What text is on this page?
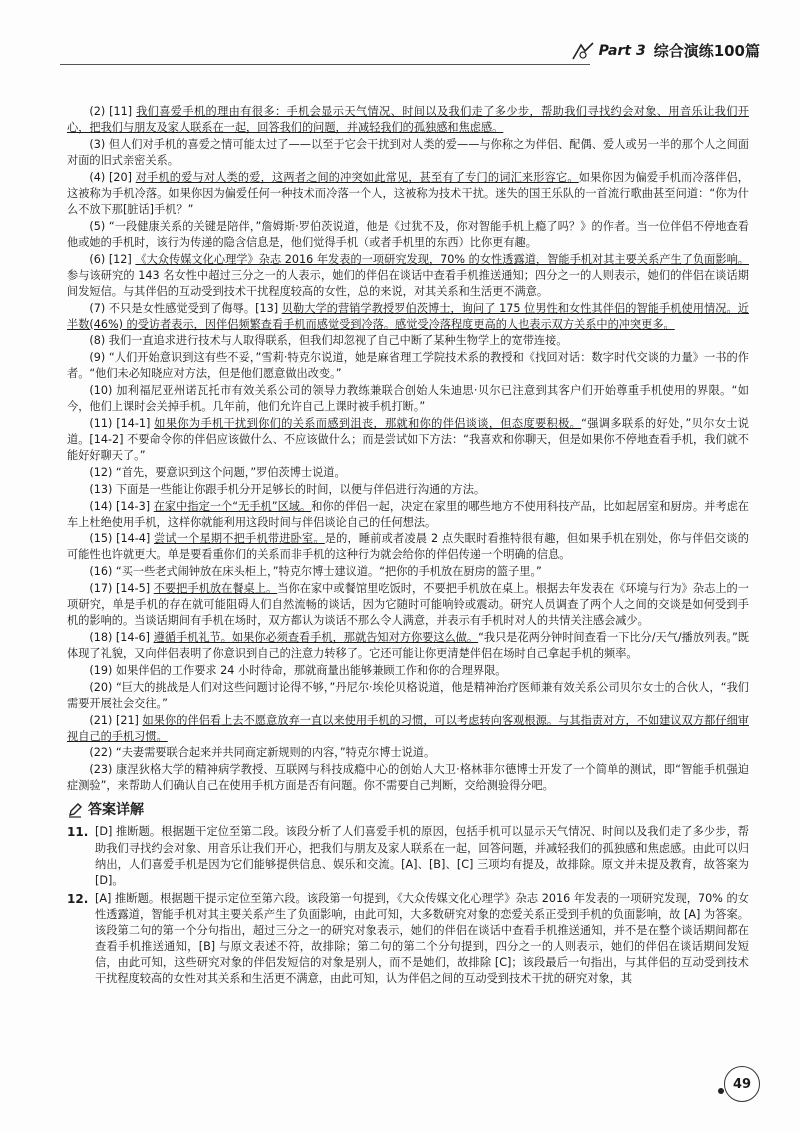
Part 3 综合演练100篇
(2) [11] 我们喜爱手机的理由有很多：手机会显示天气情况、时间以及我们走了多少步，帮助我们寻找约会对象、用音乐让我们开心，把我们与朋友及家人联系在一起，回答我们的问题，并减轻我们的孤独感和焦虑感。
(3) 但人们对手机的喜爱之情可能太过了——以至于它会干扰到对人类的爱——与你称之为伴侣、配偶、爱人或另一半的那个人之间面对面的旧式亲密关系。
(4) [20] 对手机的爱与对人类的爱，这两者之间的冲突如此常见，甚至有了专门的词汇来形容它。如果你因为偏爱手机而冷落伴侣，这被称为手机冷落。如果你因为偏爱任何一种技术而冷落一个人，这被称为技术干扰。迷失的国王乐队的一首流行歌曲甚至问道：“你为什么不放下那[脏话]手机？”
(5) “一段健康关系的关键是陪伴，”詹姆斯·罗伯茨说道，他是《过犹不及，你对智能手机上瘾了吗？》的作者。当一位伴侣不停地查看他或她的手机时，该行为传递的隐含信息是，他们觉得手机（或者手机里的东西）比你更有趣。
(6) [12] 《大众传媒文化心理学》杂志 2016 年发表的一项研究发现，70% 的女性透露道，智能手机对其主要关系产生了负面影响。参与该研究的 143 名女性中超过三分之一的人表示，她们的伴侣在谈话中查看手机推送通知；四分之一的人则表示，她们的伴侣在谈话期间发短信。与其伴侣的互动受到技术干扰程度较高的女性，总的来说，对其关系和生活更不满意。
(7) 不只是女性感觉受到了侮辱。[13] 贝勒大学的营销学教授罗伯茨博士，询问了 175 位男性和女性其伴侣的智能手机使用情况。近半数(46%) 的受访者表示，因伴侣频繁查看手机而感觉受到冷落。感觉受冷落程度更高的人也表示双方关系中的冲突更多。
(8) 我们一直追求进行技术与人取得联系，但我们却忽视了自己中断了某种生物学上的宽带连接。
(9) “人们开始意识到这有些不妥，”雪莉·特克尔说道，她是麻省理工学院技术系的教授和《找回对话：数字时代交谈的力量》一书的作者。“他们未必知晓应对方法，但是他们愿意做出改变。”
(10) 加利福尼亚州诺瓦托市有效关系公司的领导力教练兼联合创始人朱迪思·贝尔已注意到其客户们开始尊重手机使用的界限。“如今，他们上课时会关掉手机。几年前，他们允许自己上课时被手机打断。”
(11) [14-1] 如果你为手机干扰到你们的关系而感到沮丧，那就和你的伴侣谈谈，但态度要积极。“强调多联系的好处，”贝尔女士说道。[14-2] 不要命令你的伴侣应该做什么、不应该做什么；而是尝试如下方法：“我喜欢和你聊天，但是如果你不停地查看手机，我们就不能好好聊天了。”
(12) “首先，要意识到这个问题，”罗伯茨博士说道。
(13) 下面是一些能让你跟手机分开足够长的时间，以便与伴侣进行沟通的方法。
(14) [14-3] 在家中指定一个“无手机”区域。和你的伴侣一起，决定在家里的哪些地方不使用科技产品，比如起居室和厨房。并考虑在车上杜绝使用手机，这样你就能利用这段时间与伴侣谈论自己的任何想法。
(15) [14-4] 尝试一个星期不把手机带进卧室。是的，睡前或者凌晨 2 点失眠时看推特很有趣，但如果手机在别处，你与伴侣交谈的可能性也许就更大。单是要看重你们的关系而非手机的这种行为就会给你的伴侣传递一个明确的信息。
(16) “买一些老式闹钟放在床头柜上，”特克尔博士建议道。“把你的手机放在厨房的篮子里。”
(17) [14-5] 不要把手机放在餐桌上。当你在家中或餐馆里吃饭时，不要把手机放在桌上。根据去年发表在《环境与行为》杂志上的一项研究，单是手机的存在就可能阻碍人们自然流畅的谈话，因为它随时可能响铃或震动。研究人员调查了两个人之间的交谈是如何受到手机的影响的。当谈话期间有手机在场时，双方都认为谈话不那么令人满意，并表示有手机时对人的共情关注感会减少。
(18) [14-6] 遵循手机礼节。如果你必须查看手机，那就告知对方你要这么做。“我只是花两分钟时间查看一下比分/天气/播放列表。”既体现了礼貌，又向伴侣表明了你意识到自己的注意力转移了。它还可能让你更清楚伴侣在场时自己拿起手机的频率。
(19) 如果伴侣的工作要求 24 小时待命，那就商量出能够兼顾工作和你的合理界限。
(20) “巨大的挑战是人们对这些问题讨论得不够，”丹尼尔·埃伦贝格说道，他是精神治疗医师兼有效关系公司贝尔女士的合伙人，“我们需要开展社会交往。”
(21) [21] 如果你的伴侣看上去不愿意放弃一直以来使用手机的习惯，可以考虑转向客观根源。与其指责对方，不如建议双方都仔细审视自己的手机习惯。
(22) “夫妻需要联合起来并共同商定新规则的内容，”特克尔博士说道。
(23) 康涅狄格大学的精神病学教授、互联网与科技成瘾中心的创始人大卫·格林菲尔德博士开发了一个简单的测试，即“智能手机强迫症测验”，来帮助人们确认自己在使用手机方面是否有问题。你不需要自己判断，交给测验得分吧。
答案详解
11. [D] 推断题。根据题干定位至第二段。该段分析了人们喜爱手机的原因，包括手机可以显示天气情况、时间以及我们走了多少步，帮助我们寻找约会对象、用音乐让我们开心，把我们与朋友及家人联系在一起，回答问题，并减轻我们的孤独感和焦虑感。由此可以归纳出，人们喜爱手机是因为它们能够提供信息、娱乐和交流。[A]、[B]、[C] 三项均有提及，故排除。原文并未提及教育，故答案为 [D]。
12. [A] 推断题。根据题干提示定位至第六段。该段第一句提到，《大众传媒文化心理学》杂志 2016 年发表的一项研究发现，70% 的女性透露道，智能手机对其主要关系产生了负面影响，由此可知，大多数研究对象的恋爱关系正受到手机的负面影响，故 [A] 为答案。该段第二句的第一个分句指出，超过三分之一的研究对象表示，她们的伴侣在谈话中查看手机推送通知，并不是在整个谈话期间都在查看手机推送通知，[B] 与原文表述不符，故排除；第二句的第二个分句提到，四分之一的人则表示，她们的伴侣在谈话期间发短信，由此可知，这些研究对象的伴侣发短信的对象是别人，而不是她们，故排除 [C]；该段最后一句指出，与其伴侣的互动受到技术干扰程度较高的女性对其关系和生活更不满意，由此可知，认为伴侣之间的互动受到技术干扰的研究对象，其
49
